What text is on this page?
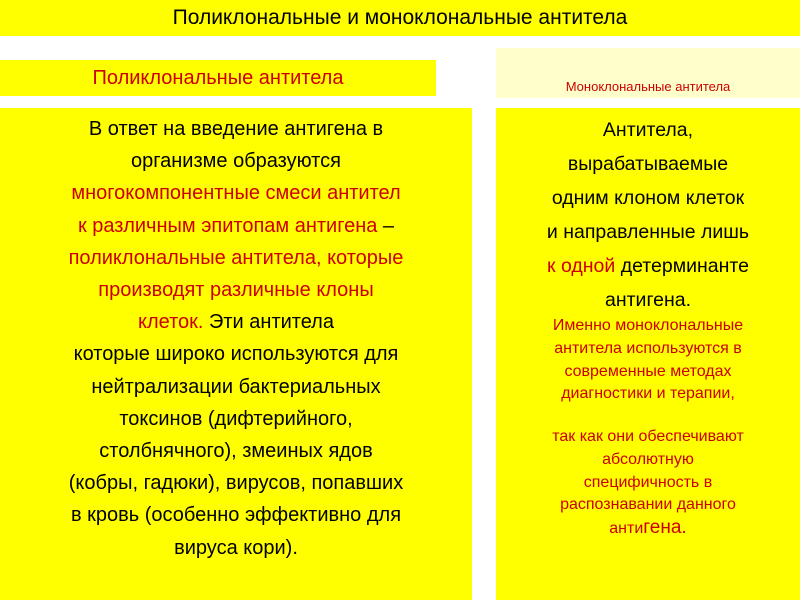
Поликлональные и моноклональные антитела
Поликлональные антитела	Моноклональные антитела
В ответ на введение антигена в
организме образуются
многокомпонентные смеси антител
к различным эпитопам антигена –
поликлональные антитела, которые
производят различные клоны
клеток. Эти антитела
которые широко используются для
нейтрализации бактериальных
токсинов (дифтерийного,
столбнячного), змеиных ядов
(кобры, гадюки), вирусов, попавших
в кровь (особенно эффективно для
вируса кори).
Антитела,
вырабатываемые
одним клоном клеток
и направленные лишь
к одной детерминанте
антигена.
Именно моноклональные
антитела используются в
современные методах
диагностики и терапии,
так как они обеспечивают
абсолютную
специфичность в
распознавании данного
антигена.
